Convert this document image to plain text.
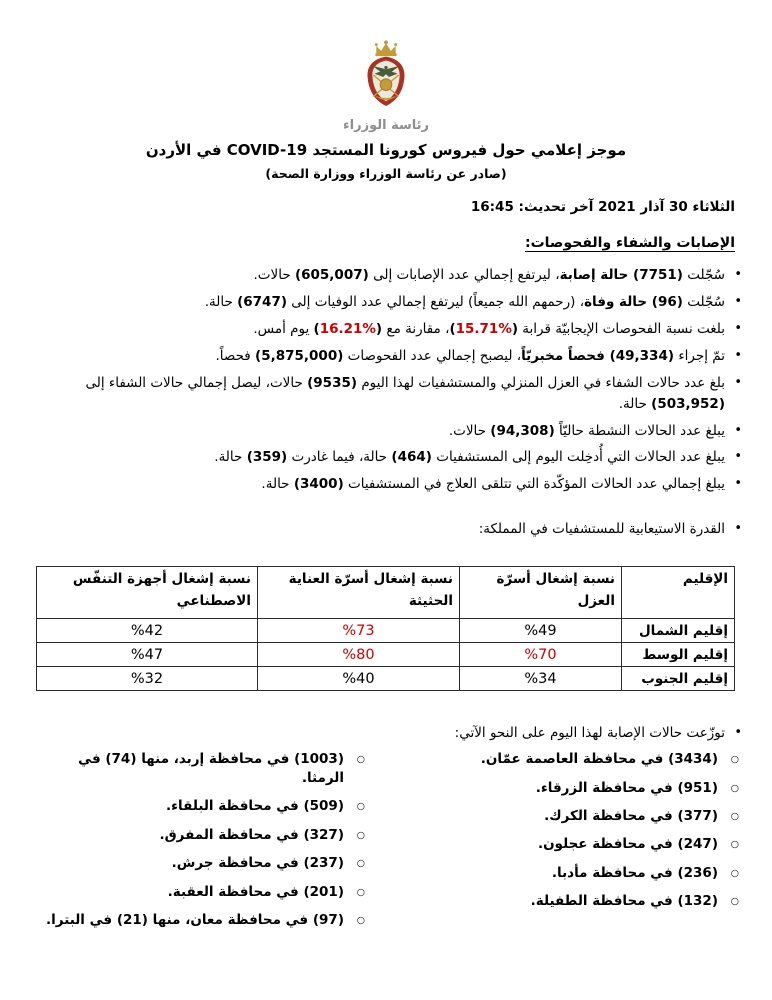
رئاسة الوزراء
موجز إعلامي حول فيروس كورونا المستجد COVID-19 في الأردن
(صادر عن رئاسة الوزراء ووزارة الصحة)
الثلاثاء 30 آذار 2021 آخر تحديث: 16:45
الإصابات والشفاء والفحوصات:
• سُجّلت (7751) حالة إصابة، ليرتفع إجمالي عدد الإصابات إلى (605,007) حالات.
• سُجّلت (96) حالة وفاة، (رحمهم الله جميعاً) ليرتفع إجمالي عدد الوفيات إلى (6747) حالة.
• بلغت نسبة الفحوصات الإيجابيّة قرابة (%15.71)، مقارنة مع (%16.21) يوم أمس.
• تمّ إجراء (49,334) فحصاً مخبريّاً، ليصبح إجمالي عدد الفحوصات (5,875,000) فحصاً.
• بلغ عدد حالات الشفاء في العزل المنزلي والمستشفيات لهذا اليوم (9535) حالات، ليصل إجمالي حالات الشفاء إلى (503,952) حالة.
• يبلغ عدد الحالات النشطة حاليّاً (94,308) حالات.
• يبلغ عدد الحالات التي أُدخِلت اليوم إلى المستشفيات (464) حالة، فيما غادرت (359) حالة.
• يبلغ إجمالي عدد الحالات المؤكّدة التي تتلقى العلاج في المستشفيات (3400) حالة.
• القدرة الاستيعابية للمستشفيات في المملكة:
الإقليم	نسبة إشغال أسرّة العزل	نسبة إشغال أسرّة العناية الحثيثة	نسبة إشغال أجهزة التنفّس الاصطناعي
إقليم الشمال	%49	%73	%42
إقليم الوسط	%70	%80	%47
إقليم الجنوب	%34	%40	%32
• توزّعت حالات الإصابة لهذا اليوم على النحو الآتي:
○ (3434) في محافظة العاصمة عمّان.
○ (951) في محافظة الزرقاء.
○ (377) في محافظة الكرك.
○ (247) في محافظة عجلون.
○ (236) في محافظة مأدبا.
○ (132) في محافظة الطفيلة.
○ (1003) في محافظة إربد، منها (74) في الرمثا.
○ (509) في محافظة البلقاء.
○ (327) في محافظة المفرق.
○ (237) في محافظة جرش.
○ (201) في محافظة العقبة.
○ (97) في محافظة معان، منها (21) في البترا.
